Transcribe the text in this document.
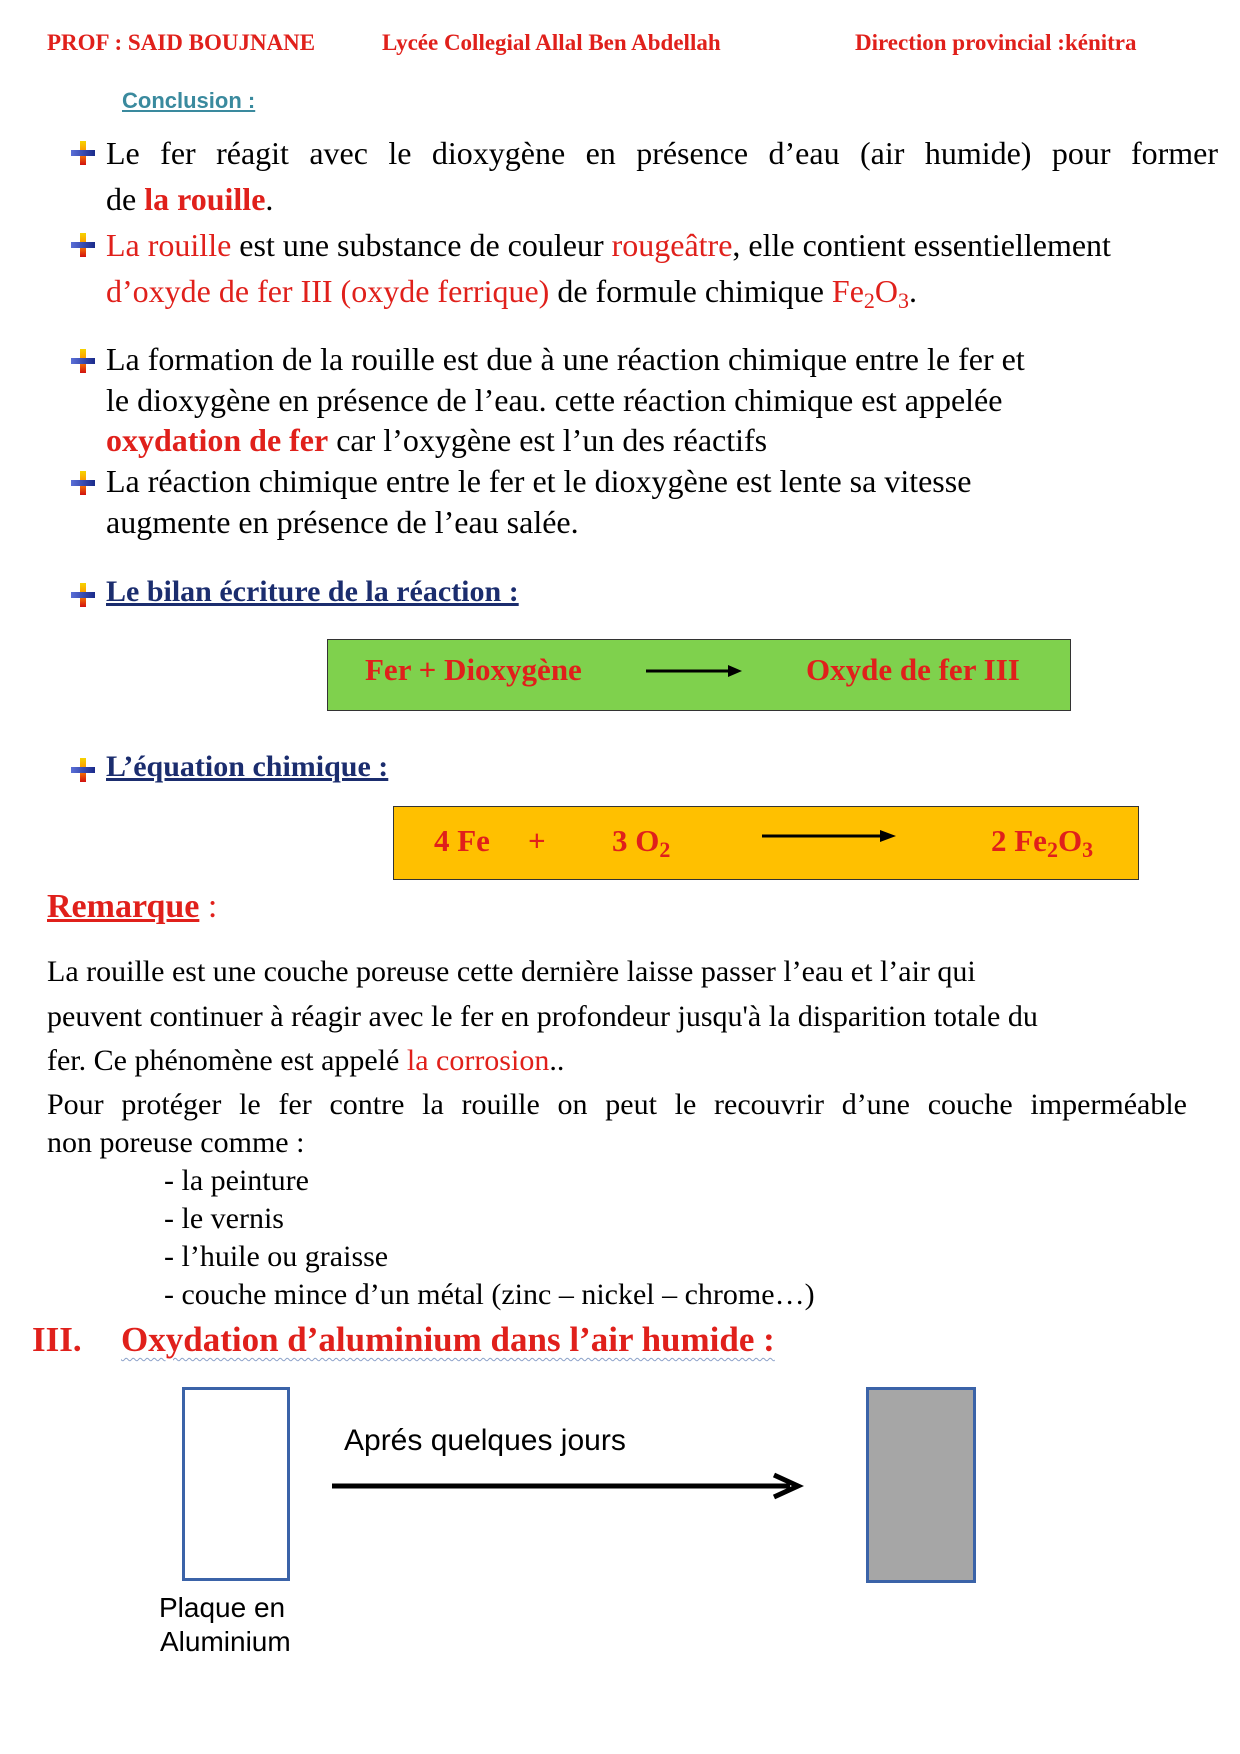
PROF : SAID BOUJNANE	Lycée Collegial Allal Ben Abdellah	Direction provincial :kénitra
Conclusion :
Le fer réagit avec le dioxygène en présence d’eau (air humide) pour former
de la rouille.
La rouille est une substance de couleur rougeâtre, elle contient essentiellement
d’oxyde de fer III (oxyde ferrique) de formule chimique $Fe_2O_3$.
La formation de la rouille est due à une réaction chimique entre le fer et
le dioxygène en présence de l’eau. cette réaction chimique est appelée
oxydation de fer car l’oxygène est l’un des réactifs
La réaction chimique entre le fer et le dioxygène est lente sa vitesse
augmente en présence de l’eau salée.
Le bilan écriture de la réaction :
Fer + Dioxygène	Oxyde de fer III
L’équation chimique :
4 Fe + 3 $O_2$	2 $Fe_2O_3$
Remarque :
La rouille est une couche poreuse cette dernière laisse passer l’eau et l’air qui
peuvent continuer à réagir avec le fer en profondeur jusqu'à la disparition totale du
fer. Ce phénomène est appelé la corrosion..
Pour protéger le fer contre la rouille on peut le recouvrir d’une couche imperméable
non poreuse comme :
- la peinture
- le vernis
- l’huile ou graisse
- couche mince d’un métal (zinc – nickel – chrome…)
III. Oxydation d’aluminium dans l’air humide :
Aprés quelques jours
Plaque en
Aluminium
